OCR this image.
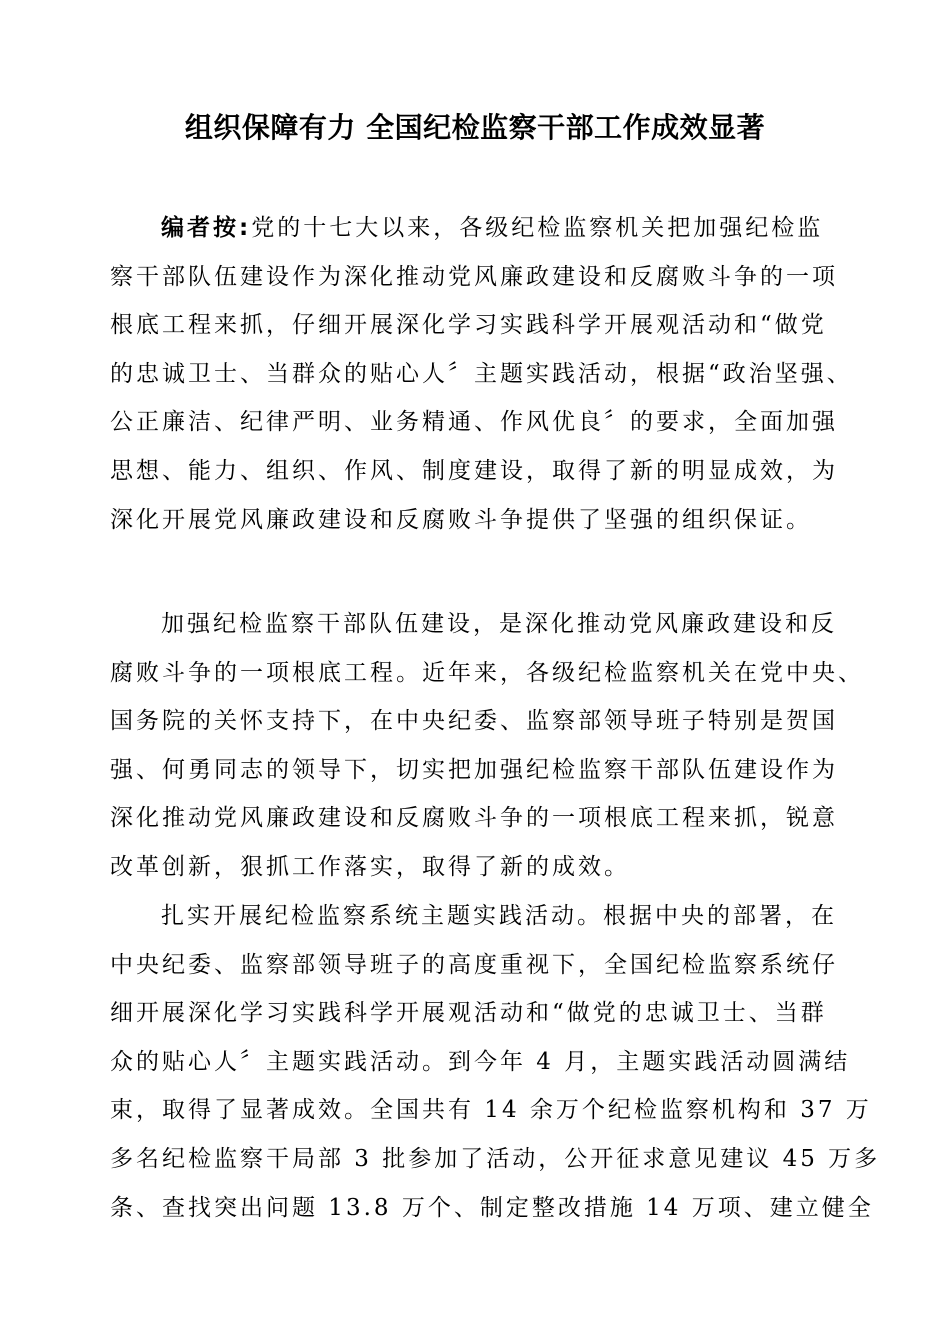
组织保障有力 全国纪检监察干部工作成效显著
编者按:党的十七大以来，各级纪检监察机关把加强纪检监
察干部队伍建设作为深化推动党风廉政建设和反腐败斗争的一项
根底工程来抓，仔细开展深化学习实践科学开展观活动和“做党
的忠诚卫士、当群众的贴心人〞主题实践活动，根据“政治坚强、
公正廉洁、纪律严明、业务精通、作风优良〞的要求，全面加强
思想、能力、组织、作风、制度建设，取得了新的明显成效，为
深化开展党风廉政建设和反腐败斗争提供了坚强的组织保证。
加强纪检监察干部队伍建设，是深化推动党风廉政建设和反
腐败斗争的一项根底工程。近年来，各级纪检监察机关在党中央、
国务院的关怀支持下，在中央纪委、监察部领导班子特别是贺国
强、何勇同志的领导下，切实把加强纪检监察干部队伍建设作为
深化推动党风廉政建设和反腐败斗争的一项根底工程来抓，锐意
改革创新，狠抓工作落实，取得了新的成效。
扎实开展纪检监察系统主题实践活动。根据中央的部署，在
中央纪委、监察部领导班子的高度重视下，全国纪检监察系统仔
细开展深化学习实践科学开展观活动和“做党的忠诚卫士、当群
众的贴心人〞主题实践活动。到今年 4 月，主题实践活动圆满结
束，取得了显著成效。全国共有 14 余万个纪检监察机构和 37 万
多名纪检监察干局部 3 批参加了活动，公开征求意见建议 45 万多
条、查找突出问题 13.8 万个、制定整改措施 14 万项、建立健全
